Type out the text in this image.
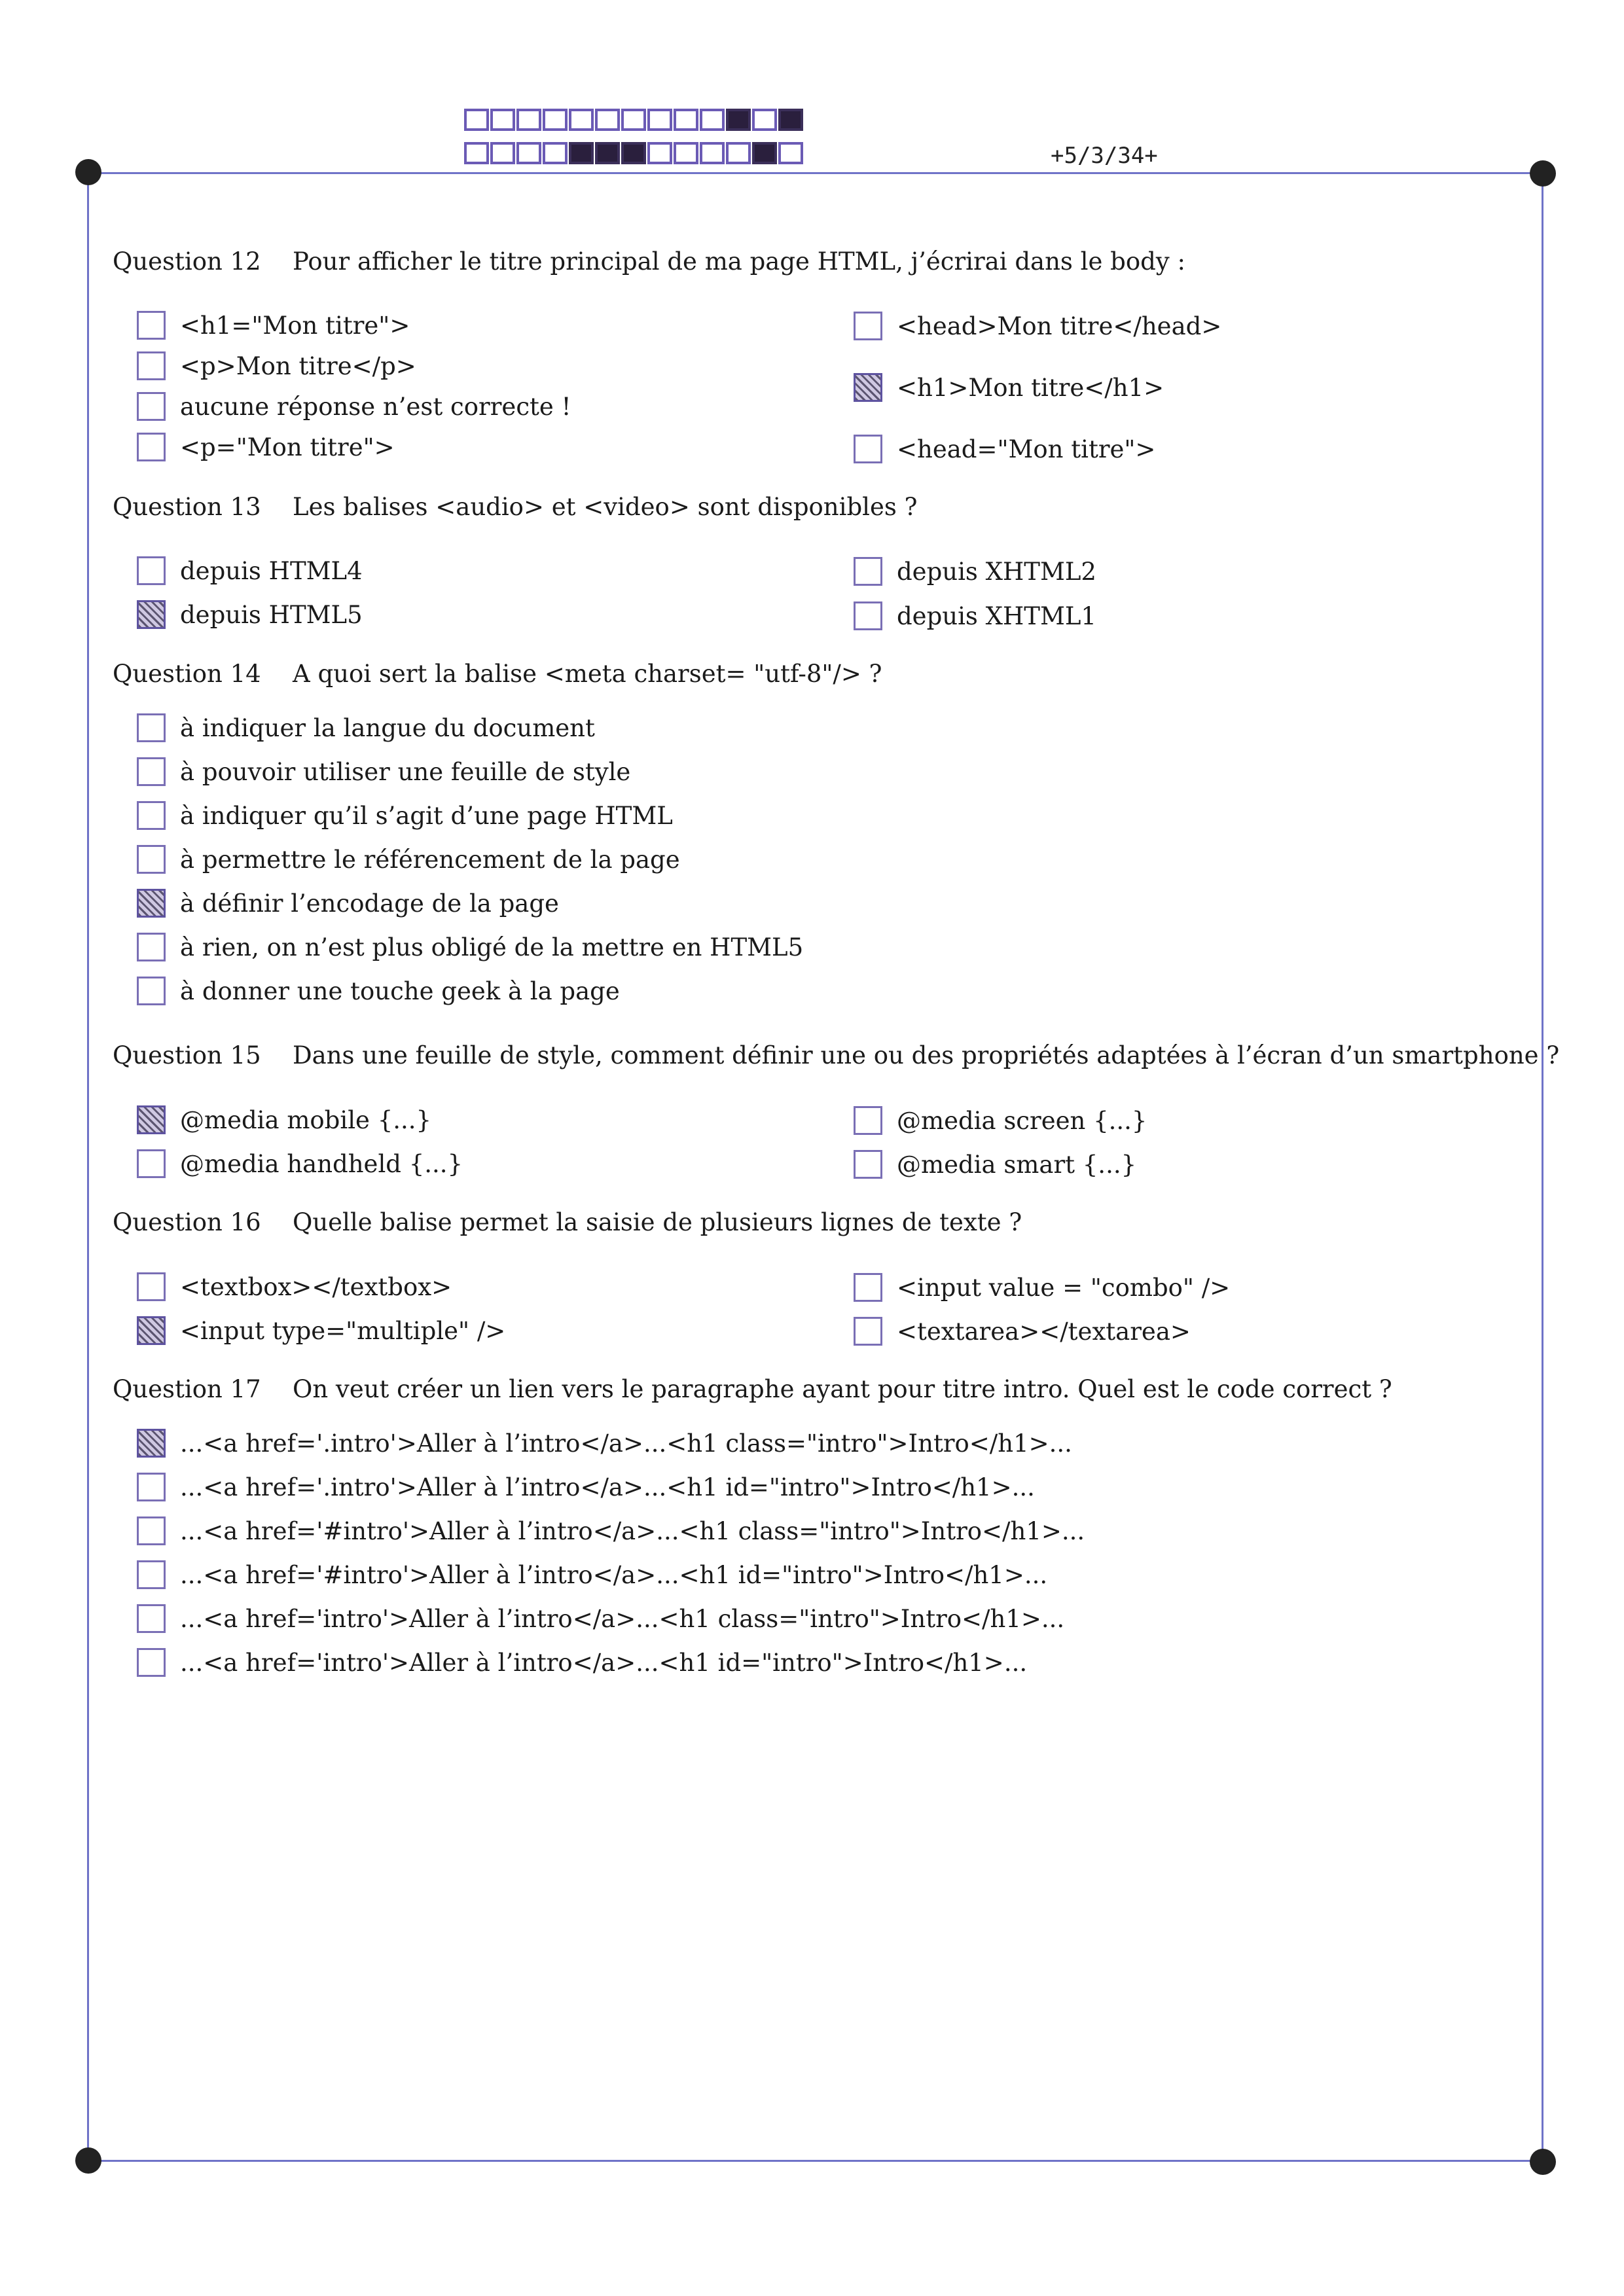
+5/3/34+
Question 12 Pour afficher le titre principal de ma page HTML, j’écrirai dans le body :
<h1="Mon titre">
<p>Mon titre</p>
aucune réponse n’est correcte !
<p="Mon titre">
<head>Mon titre</head>
<h1>Mon titre</h1>
<head="Mon titre">
Question 13 Les balises <audio> et <video> sont disponibles ?
depuis HTML4
depuis HTML5
depuis XHTML2
depuis XHTML1
Question 14 A quoi sert la balise <meta charset= "utf-8"/> ?
à indiquer la langue du document
à pouvoir utiliser une feuille de style
à indiquer qu’il s’agit d’une page HTML
à permettre le référencement de la page
à définir l’encodage de la page
à rien, on n’est plus obligé de la mettre en HTML5
à donner une touche geek à la page
Question 15 Dans une feuille de style, comment définir une ou des propriétés adaptées à l’écran d’un smartphone ?
@media mobile {...}
@media handheld {...}
@media screen {...}
@media smart {...}
Question 16 Quelle balise permet la saisie de plusieurs lignes de texte ?
<textbox></textbox>
<input type="multiple" />
<input value = "combo" />
<textarea></textarea>
Question 17 On veut créer un lien vers le paragraphe ayant pour titre intro. Quel est le code correct ?
...<a href='.intro'>Aller à l’intro</a>...<h1 class="intro">Intro</h1>...
...<a href='.intro'>Aller à l’intro</a>...<h1 id="intro">Intro</h1>...
...<a href='#intro'>Aller à l’intro</a>...<h1 class="intro">Intro</h1>...
...<a href='#intro'>Aller à l’intro</a>...<h1 id="intro">Intro</h1>...
...<a href='intro'>Aller à l’intro</a>...<h1 class="intro">Intro</h1>...
...<a href='intro'>Aller à l’intro</a>...<h1 id="intro">Intro</h1>...
